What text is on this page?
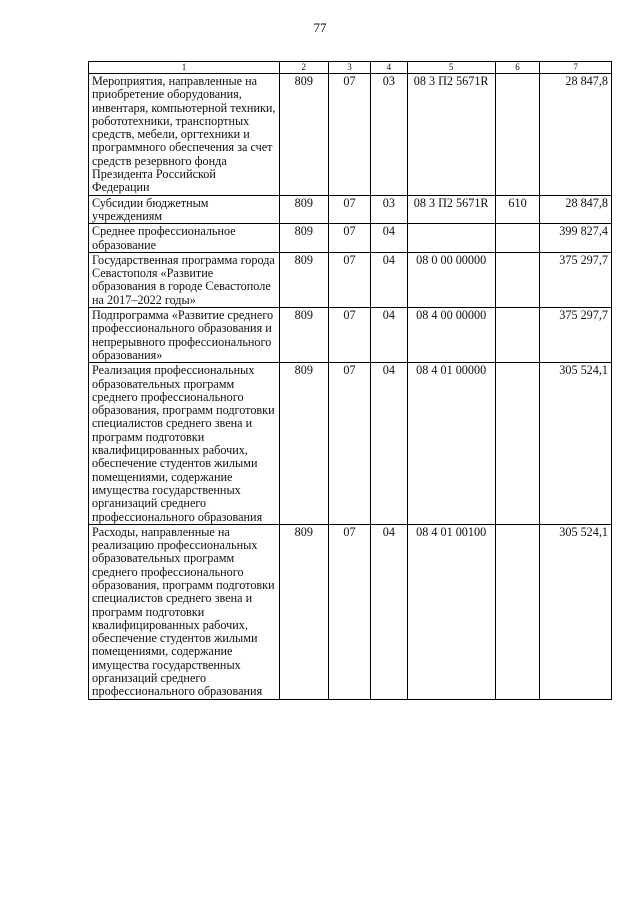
77
1	2	3	4	5	6	7
Мероприятия, направленные на приобретение оборудования, инвентаря, компьютерной техники, робототехники, транспортных средств, мебели, оргтехники и программного обеспечения за счет средств резервного фонда Президента Российской Федерации	809	07	03	08 3 П2 5671R		28 847,8
Субсидии бюджетным учреждениям	809	07	03	08 3 П2 5671R	610	28 847,8
Среднее профессиональное образование	809	07	04			399 827,4
Государственная программа города Севастополя «Развитие образования в городе Севастополе на 2017–2022 годы»	809	07	04	08 0 00 00000		375 297,7
Подпрограмма «Развитие среднего профессионального образования и непрерывного профессионального образования»	809	07	04	08 4 00 00000		375 297,7
Реализация профессиональных образовательных программ среднего профессионального образования, программ подготовки специалистов среднего звена и программ подготовки квалифицированных рабочих, обеспечение студентов жилыми помещениями, содержание имущества государственных организаций среднего профессионального образования	809	07	04	08 4 01 00000		305 524,1
Расходы, направленные на реализацию профессиональных образовательных программ среднего профессионального образования, программ подготовки специалистов среднего звена и программ подготовки квалифицированных рабочих, обеспечение студентов жилыми помещениями, содержание имущества государственных организаций среднего профессионального образования	809	07	04	08 4 01 00100		305 524,1
